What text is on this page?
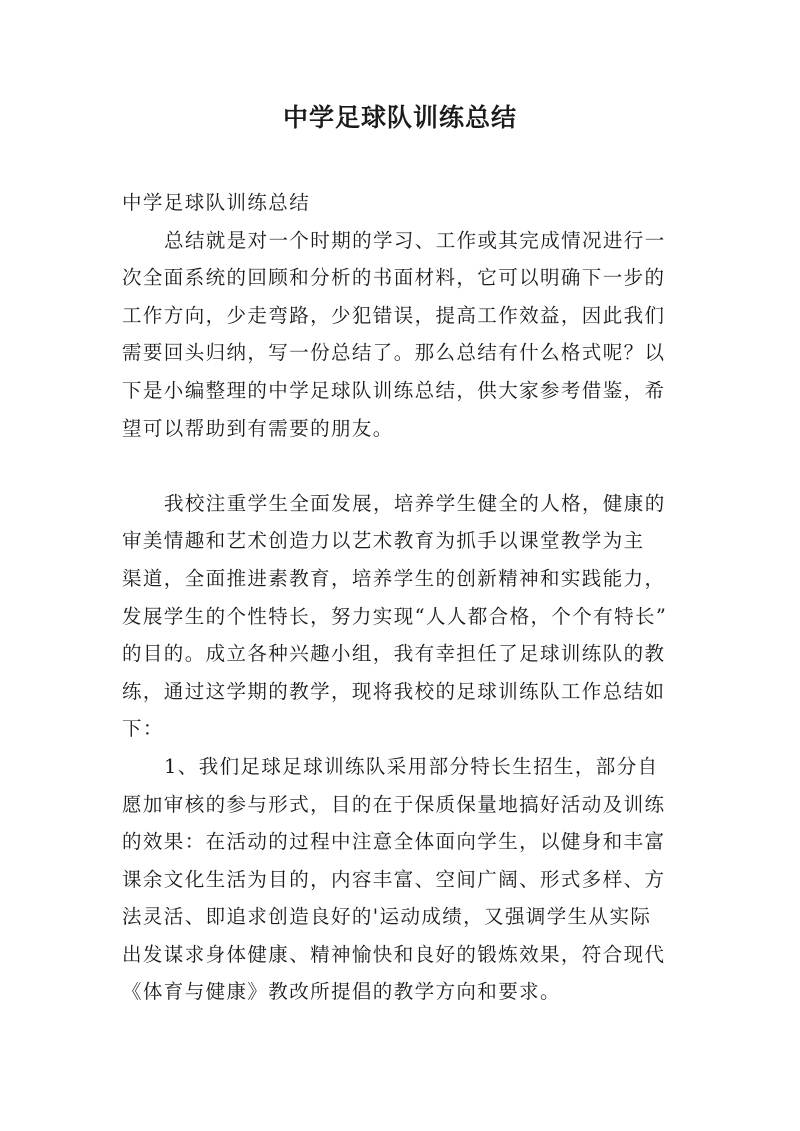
中学足球队训练总结
中学足球队训练总结
总结就是对一个时期的学习、工作或其完成情况进行一
次全面系统的回顾和分析的书面材料，它可以明确下一步的
工作方向，少走弯路，少犯错误，提高工作效益，因此我们
需要回头归纳，写一份总结了。那么总结有什么格式呢？以
下是小编整理的中学足球队训练总结，供大家参考借鉴，希
望可以帮助到有需要的朋友。
我校注重学生全面发展，培养学生健全的人格，健康的
审美情趣和艺术创造力以艺术教育为抓手以课堂教学为主
渠道，全面推进素教育，培养学生的创新精神和实践能力，
发展学生的个性特长，努力实现“人人都合格，个个有特长”
的目的。成立各种兴趣小组，我有幸担任了足球训练队的教
练，通过这学期的教学，现将我校的足球训练队工作总结如
下：
1、我们足球足球训练队采用部分特长生招生，部分自
愿加审核的参与形式，目的在于保质保量地搞好活动及训练
的效果：在活动的过程中注意全体面向学生，以健身和丰富
课余文化生活为目的，内容丰富、空间广阔、形式多样、方
法灵活、即追求创造良好的'运动成绩，又强调学生从实际
出发谋求身体健康、精神愉快和良好的锻炼效果，符合现代
《体育与健康》教改所提倡的教学方向和要求。
